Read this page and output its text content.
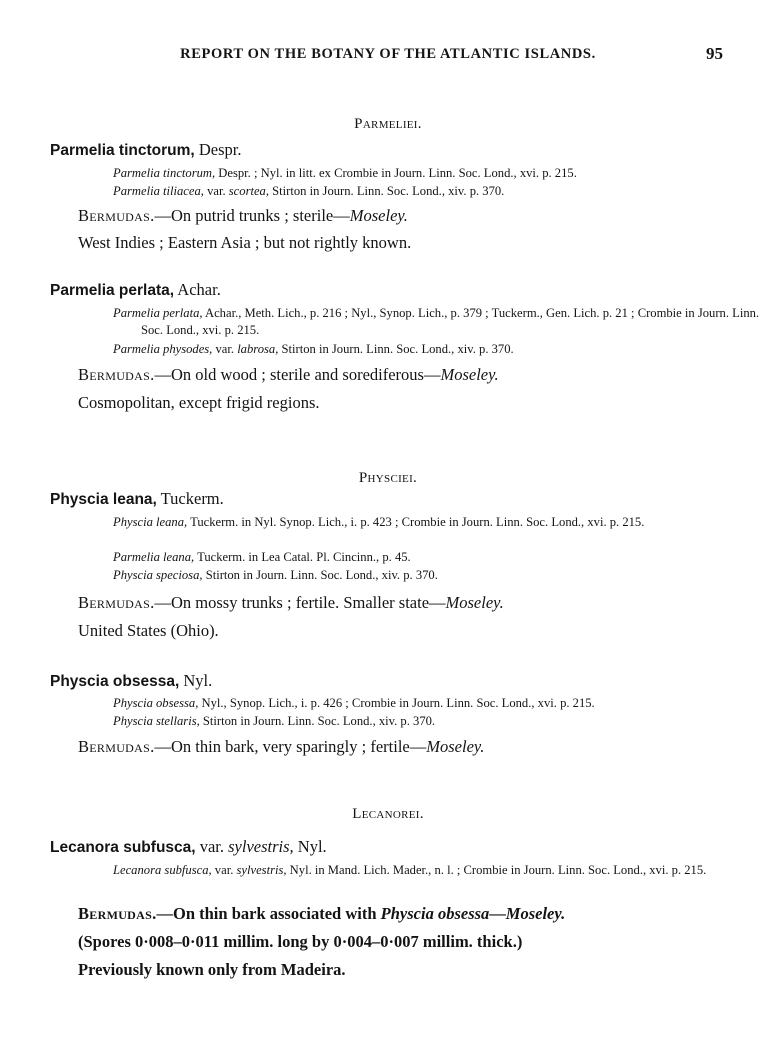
REPORT ON THE BOTANY OF THE ATLANTIC ISLANDS.	95
Parmeliei.
Parmelia tinctorum, Despr.
Parmelia tinctorum, Despr. ; Nyl. in litt. ex Crombie in Journ. Linn. Soc. Lond., xvi. p. 215.
Parmelia tiliacea, var. scortea, Stirton in Journ. Linn. Soc. Lond., xiv. p. 370.
Bermudas.—On putrid trunks ; sterile—Moseley.
West Indies ; Eastern Asia ; but not rightly known.
Parmelia perlata, Achar.
Parmelia perlata, Achar., Meth. Lich., p. 216 ; Nyl., Synop. Lich., p. 379 ; Tuckerm., Gen. Lich. p. 21 ; Crombie in Journ. Linn. Soc. Lond., xvi. p. 215.
Parmelia physodes, var. labrosa, Stirton in Journ. Linn. Soc. Lond., xiv. p. 370.
Bermudas.—On old wood ; sterile and sorediferous—Moseley.
Cosmopolitan, except frigid regions.
Physciei.
Physcia leana, Tuckerm.
Physcia leana, Tuckerm. in Nyl. Synop. Lich., i. p. 423 ; Crombie in Journ. Linn. Soc. Lond., xvi. p. 215.
Parmelia leana, Tuckerm. in Lea Catal. Pl. Cincinn., p. 45.
Physcia speciosa, Stirton in Journ. Linn. Soc. Lond., xiv. p. 370.
Bermudas.—On mossy trunks ; fertile. Smaller state—Moseley.
United States (Ohio).
Physcia obsessa, Nyl.
Physcia obsessa, Nyl., Synop. Lich., i. p. 426 ; Crombie in Journ. Linn. Soc. Lond., xvi. p. 215.
Physcia stellaris, Stirton in Journ. Linn. Soc. Lond., xiv. p. 370.
Bermudas.—On thin bark, very sparingly ; fertile—Moseley.
Lecanorei.
Lecanora subfusca, var. sylvestris, Nyl.
Lecanora subfusca, var. sylvestris, Nyl. in Mand. Lich. Mader., n. l. ; Crombie in Journ. Linn. Soc. Lond., xvi. p. 215.
Bermudas.—On thin bark associated with Physcia obsessa—Moseley.
(Spores 0·008–0·011 millim. long by 0·004–0·007 millim. thick.)
Previously known only from Madeira.
